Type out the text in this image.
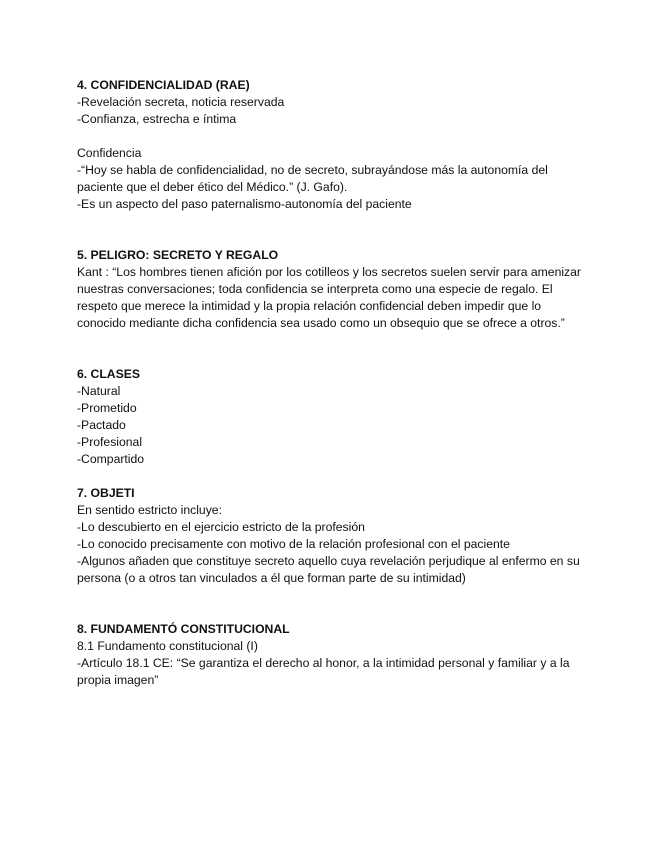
4. CONFIDENCIALIDAD (RAE)

-Revelación secreta, noticia reservada

-Confianza, estrecha e íntima

Confidencia

-“Hoy se habla de confidencialidad, no de secreto, subrayándose más la autonomía del paciente que el deber ético del Médico.” (J. Gafo).

-Es un aspecto del paso paternalismo-autonomía del paciente

5. PELIGRO: SECRETO Y REGALO

Kant : “Los hombres tienen afición por los cotilleos y los secretos suelen servir para amenizar nuestras conversaciones; toda confidencia se interpreta como una especie de regalo. El respeto que merece la intimidad y la propia relación confidencial deben impedir que lo conocido mediante dicha confidencia sea usado como un obsequio que se ofrece a otros.”

6. CLASES

-Natural

-Prometido

-Pactado

-Profesional

-Compartido

7. OBJETI

En sentido estricto incluye:

-Lo descubierto en el ejercicio estricto de la profesión

-Lo conocido precisamente con motivo de la relación profesional con el paciente

-Algunos añaden que constituye secreto aquello cuya revelación perjudique al enfermo en su persona (o a otros tan vinculados a él que forman parte de su intimidad)

8. FUNDAMENTÓ CONSTITUCIONAL

8.1 Fundamento constitucional (I)

-Artículo 18.1 CE: “Se garantiza el derecho al honor, a la intimidad personal y familiar y a la propia imagen”
